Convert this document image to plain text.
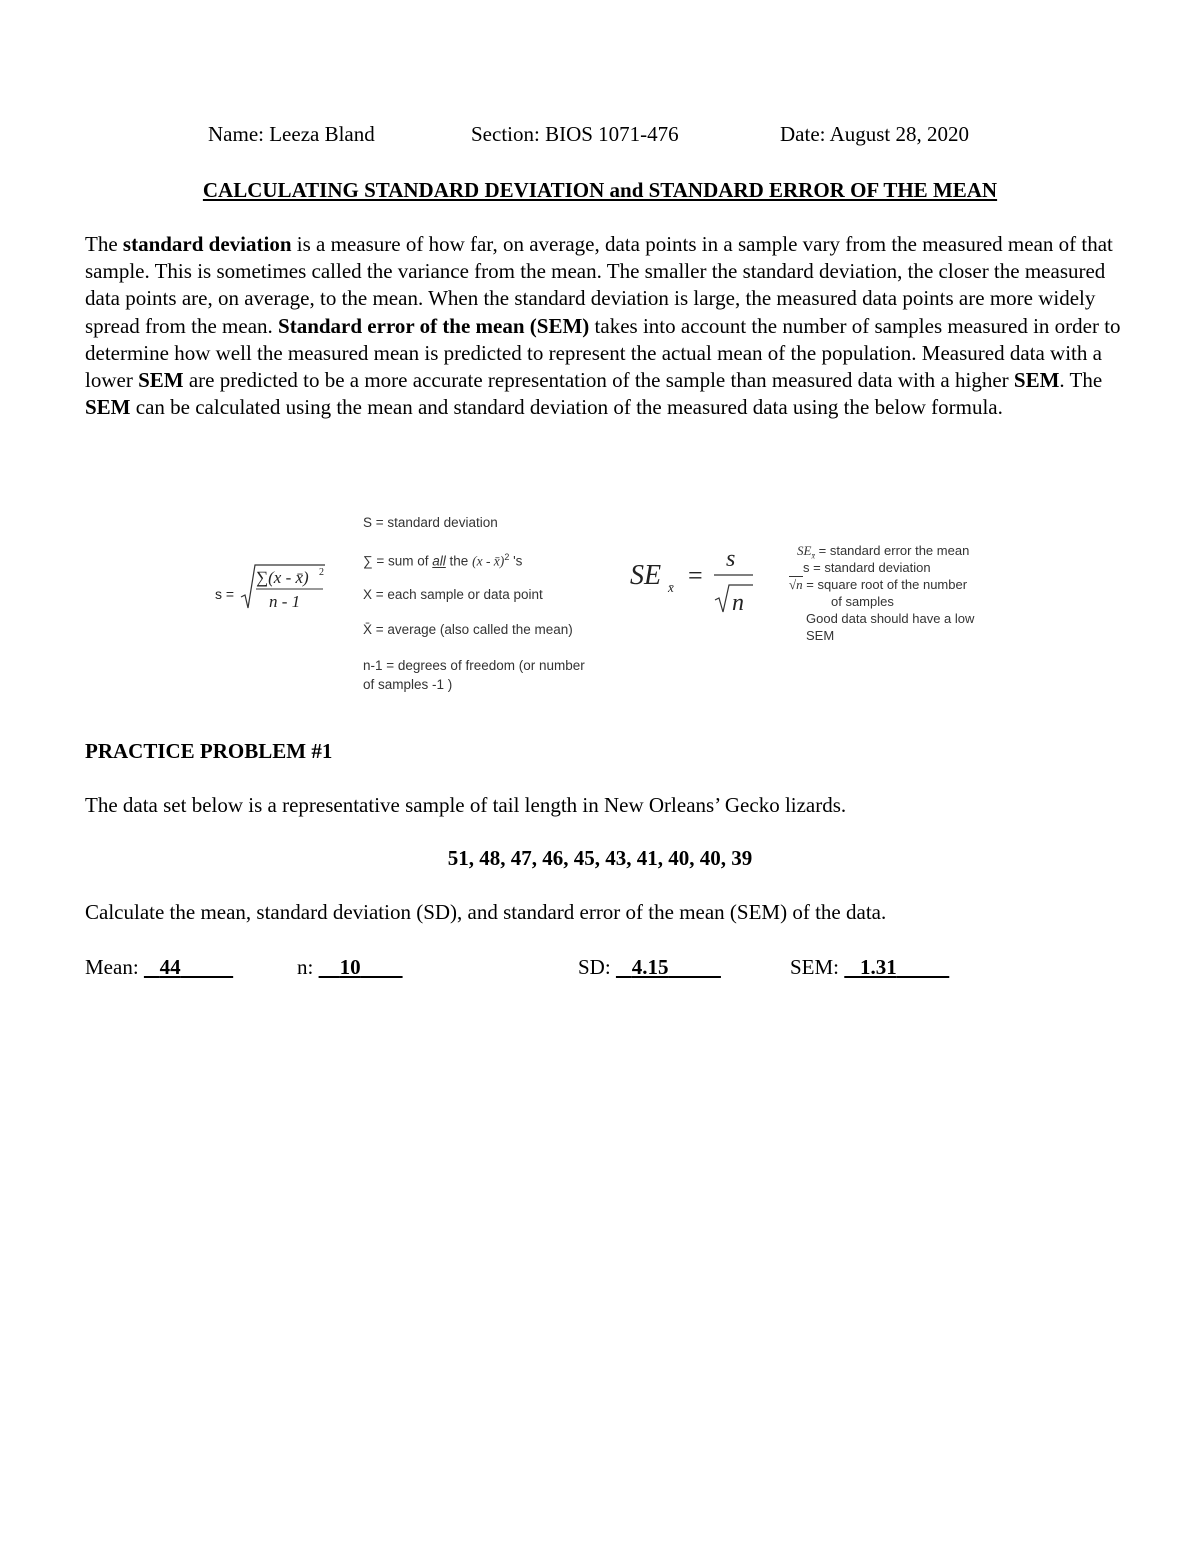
Name: Leeza Bland	Section: BIOS 1071-476	Date: August 28, 2020
CALCULATING STANDARD DEVIATION and STANDARD ERROR OF THE MEAN
The standard deviation is a measure of how far, on average, data points in a sample vary from the measured mean of that sample. This is sometimes called the variance from the mean. The smaller the standard deviation, the closer the measured data points are, on average, to the mean. When the standard deviation is large, the measured data points are more widely spread from the mean. Standard error of the mean (SEM) takes into account the number of samples measured in order to determine how well the measured mean is predicted to represent the actual mean of the population. Measured data with a lower SEM are predicted to be a more accurate representation of the sample than measured data with a higher SEM. The SEM can be calculated using the mean and standard deviation of the measured data using the below formula.
s =
∑(x - x̄) 2
n - 1
S = standard deviation
∑ = sum of all the (x - x̄)$^2$ 's
X = each sample or data point
X̄ = average (also called the mean)
n-1 = degrees of freedom (or number
of samples -1 )
SE x̄ =
s
n
$SE_{x̄}$ = standard error the mean
s = standard deviation
√n = square root of the number
of samples
Good data should have a low
SEM
PRACTICE PROBLEM #1
The data set below is a representative sample of tail length in New Orleans’ Gecko lizards.
51, 48, 47, 46, 45, 43, 41, 40, 40, 39
Calculate the mean, standard deviation (SD), and standard error of the mean (SEM) of the data.
Mean:    44	n:     10	SD:    4.15	SEM:    1.31
